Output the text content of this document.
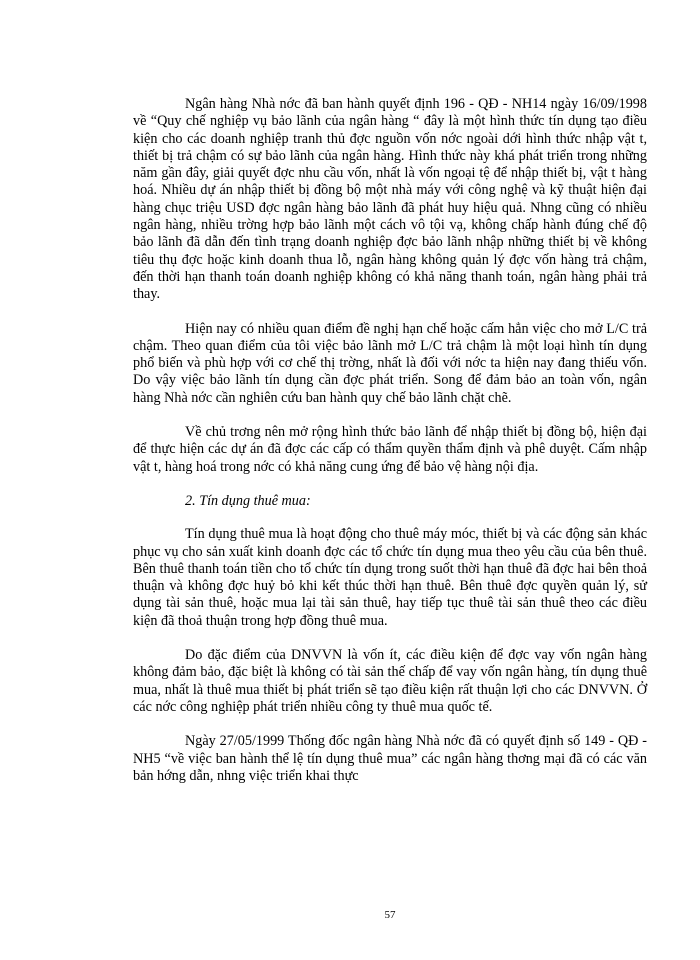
Ngân hàng Nhà nớc đã ban hành quyết định 196 - QĐ - NH14 ngày 16/09/1998 về “Quy chế nghiệp vụ bảo lãnh của ngân hàng “ đây là một hình thức tín dụng tạo điều kiện cho các doanh nghiệp tranh thủ đợc nguồn vốn nớc ngoài dới hình thức nhập vật t, thiết bị trả chậm có sự bảo lãnh của ngân hàng. Hình thức này khá phát triển trong những năm gần đây, giải quyết đợc nhu cầu vốn, nhất là vốn ngoại tệ để nhập thiết bị, vật t hàng hoá. Nhiều dự án nhập thiết bị đồng bộ một nhà máy với công nghệ và kỹ thuật hiện đại hàng chục triệu USD đợc ngân hàng bảo lãnh đã phát huy hiệu quả. Nhng cũng có nhiều ngân hàng, nhiều trờng hợp bảo lãnh một cách vô tội vạ, không chấp hành đúng chế độ bảo lãnh đã dẫn đến tình trạng doanh nghiệp đợc bảo lãnh nhập những thiết bị về không tiêu thụ đợc hoặc kinh doanh thua lỗ, ngân hàng không quản lý đợc vốn hàng trả chậm, đến thời hạn thanh toán doanh nghiệp không có khả năng thanh toán, ngân hàng phải trả thay.

Hiện nay có nhiều quan điểm đề nghị hạn chế hoặc cấm hẳn việc cho mở L/C trả chậm. Theo quan điểm của tôi việc bảo lãnh mở L/C trả chậm là một loại hình tín dụng phổ biến và phù hợp với cơ chế thị trờng, nhất là đối với nớc ta hiện nay đang thiếu vốn. Do vậy việc bảo lãnh tín dụng cần đợc phát triển. Song để đảm bảo an toàn vốn, ngân hàng Nhà nớc cần nghiên cứu ban hành quy chế bảo lãnh chặt chẽ.

Về chủ trơng nên mở rộng hình thức bảo lãnh để nhập thiết bị đồng bộ, hiện đại để thực hiện các dự án đã đợc các cấp có thẩm quyền thẩm định và phê duyệt. Cấm nhập vật t, hàng hoá trong nớc có khả năng cung ứng để bảo vệ hàng nội địa.

2. Tín dụng thuê mua:

Tín dụng thuê mua là hoạt động cho thuê máy móc, thiết bị và các động sản khác phục vụ cho sản xuất kinh doanh đợc các tổ chức tín dụng mua theo yêu cầu của bên thuê. Bên thuê thanh toán tiền cho tổ chức tín dụng trong suốt thời hạn thuê đã đợc hai bên thoả thuận và không đợc huỷ bỏ khi kết thúc thời hạn thuê. Bên thuê đợc quyền quản lý, sử dụng tài sản thuê, hoặc mua lại tài sản thuê, hay tiếp tục thuê tài sản thuê theo các điều kiện đã thoả thuận trong hợp đồng thuê mua.

Do đặc điểm của DNVVN là vốn ít, các điều kiện để đợc vay vốn ngân hàng không đảm bảo, đặc biệt là không có tài sản thế chấp để vay vốn ngân hàng, tín dụng thuê mua, nhất là thuê mua thiết bị phát triển sẽ tạo điều kiện rất thuận lợi cho các DNVVN. Ở các nớc công nghiệp phát triển nhiều công ty thuê mua quốc tế.

Ngày 27/05/1999 Thống đốc ngân hàng Nhà nớc đã có quyết định số 149 - QĐ - NH5 “về việc ban hành thể lệ tín dụng thuê mua” các ngân hàng thơng mại đã có các văn bản hớng dẫn, nhng việc triển khai thực

57
